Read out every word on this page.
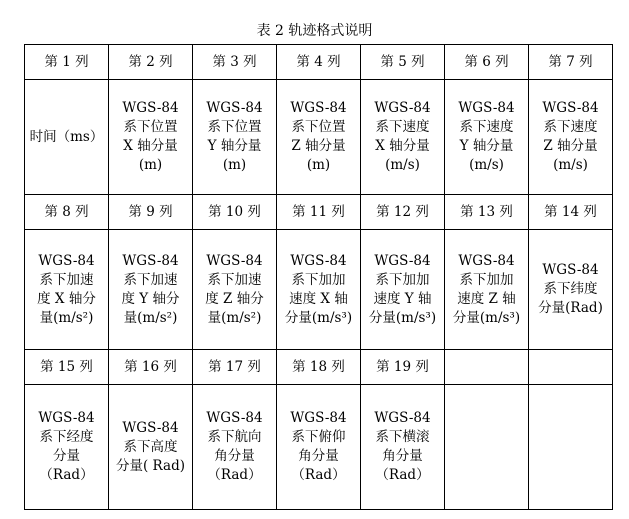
表 2 轨迹格式说明
第 1 列	第 2 列	第 3 列	第 4 列	第 5 列	第 6 列	第 7 列

时间（ms）	WGS-84
系下位置
X 轴分量
(m)	WGS-84
系下位置
Y 轴分量
(m)	WGS-84
系下位置
Z 轴分量
(m)	WGS-84
系下速度
X 轴分量
(m/s)	WGS-84
系下速度
Y 轴分量
(m/s)	WGS-84
系下速度
Z 轴分量
(m/s)

第 8 列	第 9 列	第 10 列	第 11 列	第 12 列	第 13 列	第 14 列

WGS-84
系下加速
度 X 轴分
量(m/s²)	WGS-84
系下加速
度 Y 轴分
量(m/s²)	WGS-84
系下加速
度 Z 轴分
量(m/s²)	WGS-84
系下加加
速度 X 轴
分量(m/s³)	WGS-84
系下加加
速度 Y 轴
分量(m/s³)	WGS-84
系下加加
速度 Z 轴
分量(m/s³)	WGS-84
系下纬度
分量(Rad)

第 15 列	第 16 列	第 17 列	第 18 列	第 19 列		

WGS-84
系下经度
分量
（Rad）	WGS-84
系下高度
分量( Rad)	WGS-84
系下航向
角分量
（Rad）	WGS-84
系下俯仰
角分量
（Rad）	WGS-84
系下横滚
角分量
（Rad）		
